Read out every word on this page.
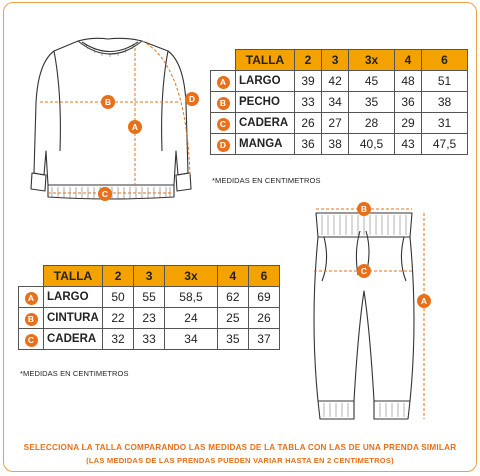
A
B
C
D
	TALLA	2	3	3x	4	6
A	LARGO	39	42	45	48	51
B	PECHO	33	34	35	36	38
C	CADERA	26	27	28	29	31
D	MANGA	36	38	40,5	43	47,5
*MEDIDAS EN CENTIMETROS
B
C
A
	TALLA	2	3	3x	4	6
A	LARGO	50	55	58,5	62	69
B	CINTURA	22	23	24	25	26
C	CADERA	32	33	34	35	37
*MEDIDAS EN CENTIMETROS
SELECCIONA LA TALLA COMPARANDO LAS MEDIDAS DE LA TABLA CON LAS DE UNA PRENDA SIMILAR
(LAS MEDIDAS DE LAS PRENDAS PUEDEN VARIAR HASTA EN 2 CENTIMETROS)
